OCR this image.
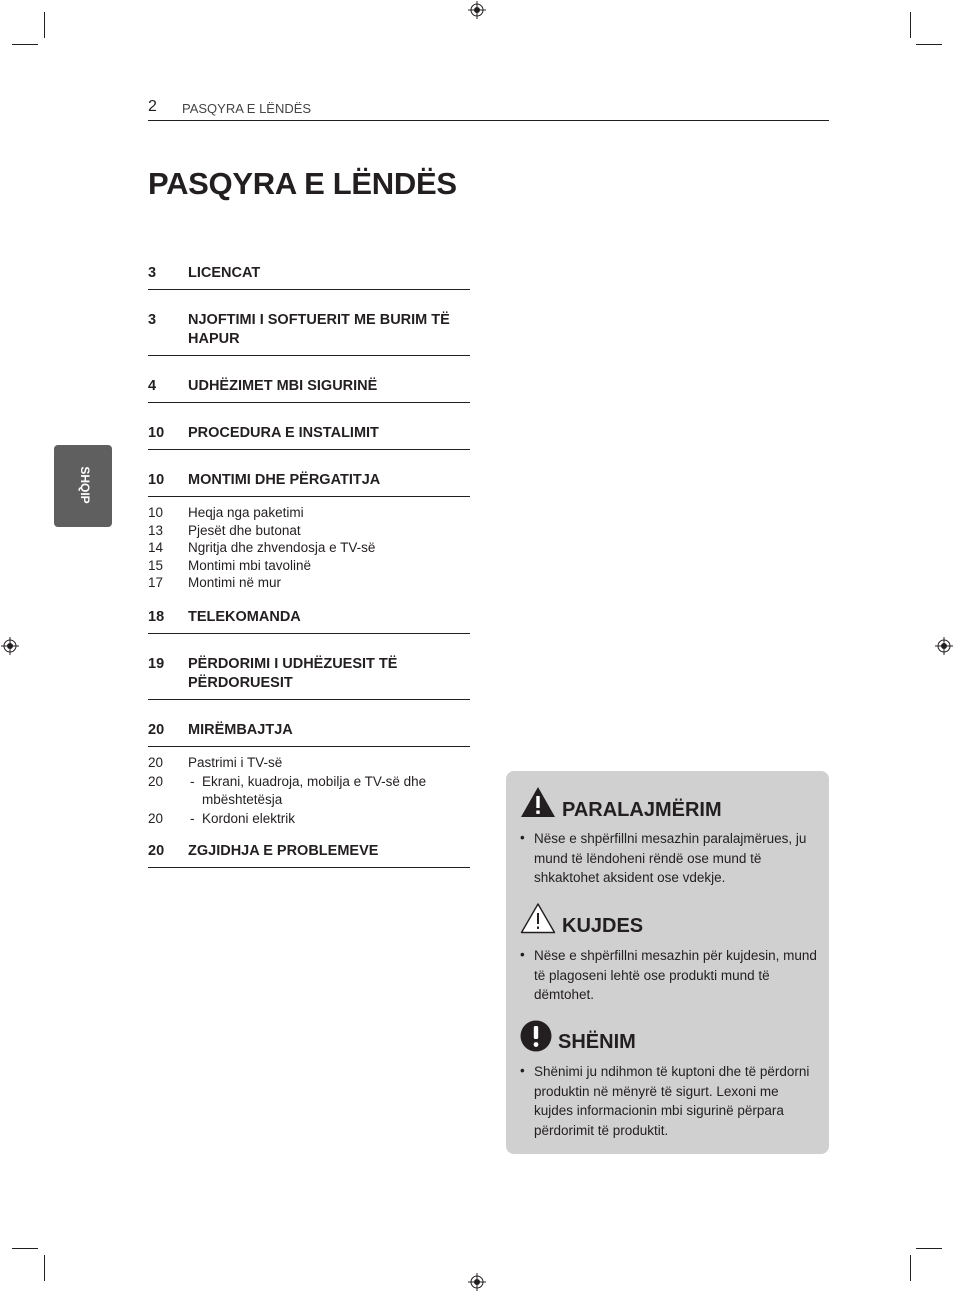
2 PASQYRA E LËNDËS
PASQYRA E LËNDËS
SHQIP
3 LICENCAT
3 NJOFTIMI I SOFTUERIT ME BURIM TË HAPUR
4 UDHËZIMET MBI SIGURINË
10 PROCEDURA E INSTALIMIT
10 MONTIMI DHE PËRGATITJA
10 Heqja nga paketimi
13 Pjesët dhe butonat
14 Ngritja dhe zhvendosja e TV-së
15 Montimi mbi tavolinë
17 Montimi në mur
18 TELEKOMANDA
19 PËRDORIMI I UDHËZUESIT TË PËRDORUESIT
20 MIRËMBAJTJA
20 Pastrimi i TV-së
20 - Ekrani, kuadroja, mobilja e TV-së dhe mbështetësja
20 - Kordoni elektrik
20 ZGJIDHJA E PROBLEMEVE
PARALAJMËRIM
• Nëse e shpërfillni mesazhin paralajmërues, ju mund të lëndoheni rëndë ose mund të shkaktohet aksident ose vdekje.
KUJDES
• Nëse e shpërfillni mesazhin për kujdesin, mund të plagoseni lehtë ose produkti mund të dëmtohet.
SHËNIM
• Shënimi ju ndihmon të kuptoni dhe të përdorni produktin në mënyrë të sigurt. Lexoni me kujdes informacionin mbi sigurinë përpara përdorimit të produktit.
